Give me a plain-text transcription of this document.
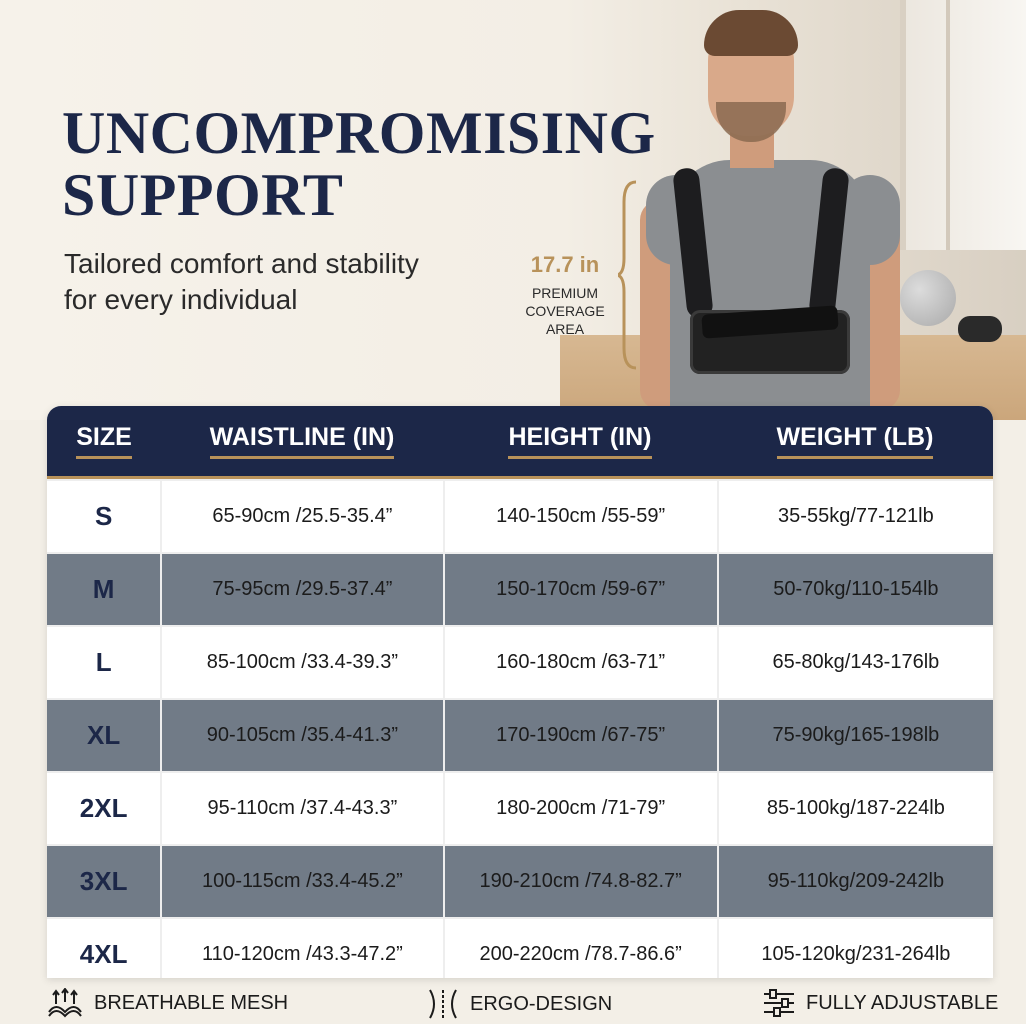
UNCOMPROMISING
SUPPORT

Tailored comfort and stability
for every individual

17.7 in
PREMIUM
COVERAGE
AREA
SIZE	WAISTLINE (IN)	HEIGHT (IN)	WEIGHT (LB)
S	65-90cm /25.5-35.4”	140-150cm /55-59”	35-55kg/77-121lb
M	75-95cm /29.5-37.4”	150-170cm /59-67”	50-70kg/110-154lb
L	85-100cm /33.4-39.3”	160-180cm /63-71”	65-80kg/143-176lb
XL	90-105cm /35.4-41.3”	170-190cm /67-75”	75-90kg/165-198lb
2XL	95-110cm /37.4-43.3”	180-200cm /71-79”	85-100kg/187-224lb
3XL	100-115cm /33.4-45.2”	190-210cm /74.8-82.7”	95-110kg/209-242lb
4XL	110-120cm /43.3-47.2”	200-220cm /78.7-86.6”	105-120kg/231-264lb
BREATHABLE MESH	ERGO-DESIGN	FULLY ADJUSTABLE
